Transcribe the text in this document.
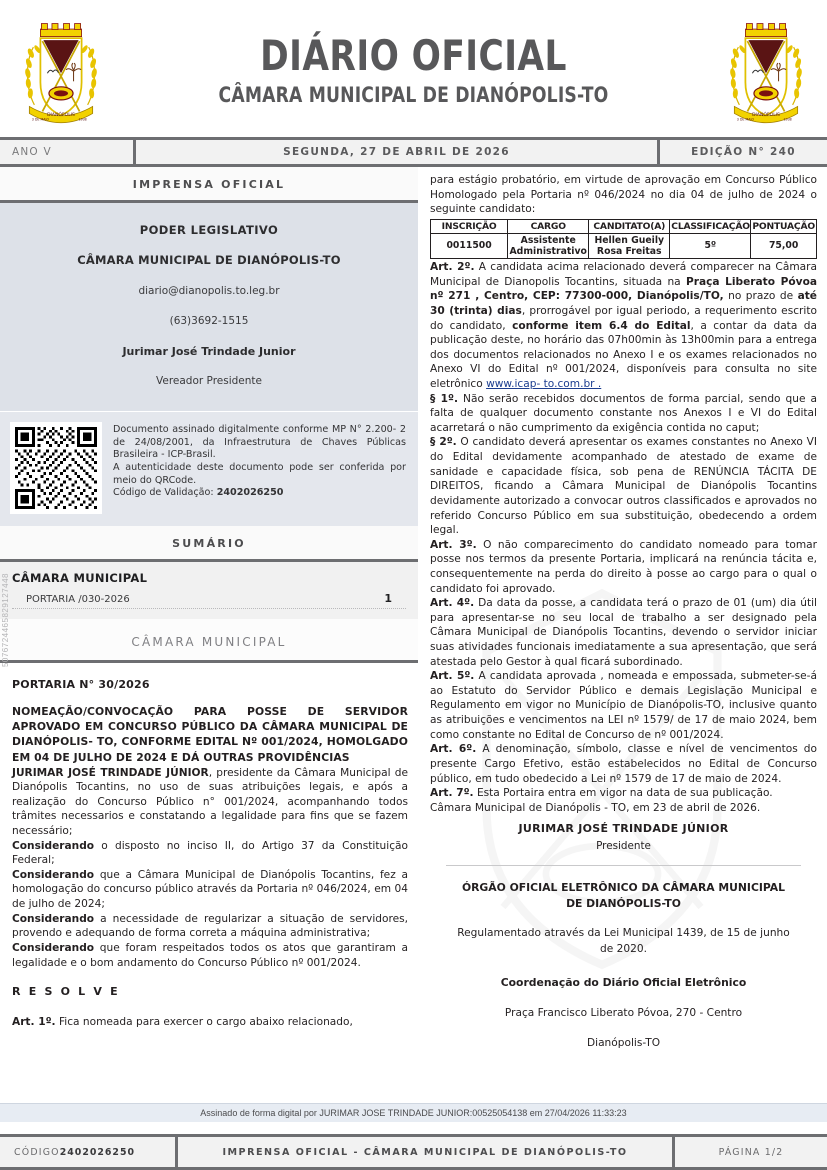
DIANÓPOLIS
3 DE MAIO	1938
DIÁRIO OFICIAL
CÂMARA MUNICIPAL DE DIANÓPOLIS-TO
DIANÓPOLIS
3 DE MAIO	1938
ANO V	SEGUNDA, 27 DE ABRIL DE 2026	EDIÇÃO N° 240
5076724465829127448
IMPRENSA OFICIAL
PODER LEGISLATIVO
CÂMARA MUNICIPAL DE DIANÓPOLIS-TO
diario@dianopolis.to.leg.br
(63)3692-1515
Jurimar José Trindade Junior
Vereador Presidente
Documento assinado digitalmente conforme MP N° 2.200- 2 de 24/08/2001, da Infraestrutura de Chaves Públicas Brasileira - ICP-Brasil.
A autenticidade deste documento pode ser conferida por meio do QRCode.
Código de Validação: 2402026250
SUMÁRIO
CÂMARA MUNICIPAL
PORTARIA /030-2026	1
CÂMARA MUNICIPAL
PORTARIA N° 30/2026
NOMEAÇÃO/CONVOCAÇÃO PARA POSSE DE SERVIDOR APROVADO EM CONCURSO PÚBLICO DA CÂMARA MUNICIPAL DE DIANÓPOLIS- TO, CONFORME EDITAL Nº 001/2024, HOMOLGADO EM 04 DE JULHO DE 2024 E DÁ OUTRAS PROVIDÊNCIAS

JURIMAR JOSÉ TRINDADE JÚNIOR, presidente da Câmara Municipal de Dianópolis Tocantins, no uso de suas atribuições legais, e após a realização do Concurso Público n° 001/2024, acompanhando todos trâmites necessarios e constatando a legalidade para fins que se fazem necessário;

Considerando o disposto no inciso II, do Artigo 37 da Constituição Federal;

Considerando que a Câmara Municipal de Dianópolis Tocantins, fez a homologação do concurso público através da Portaria nº 046/2024, em 04 de julho de 2024;

Considerando a necessidade de regularizar a situação de servidores, provendo e adequando de forma correta a máquina administrativa;

Considerando que foram respeitados todos os atos que garantiram a legalidade e o bom andamento do Concurso Público nº 001/2024.

R E S O L V E

Art. 1º. Fica nomeada para exercer o cargo abaixo relacionado,

para estágio probatório, em virtude de aprovação em Concurso Público Homologado pela Portaria nº 046/2024 no dia 04 de julho de 2024 o seguinte candidato:

INSCRIÇÃO	CARGO	CANDITATO(A)	CLASSIFICAÇÃO	PONTUAÇÃO
0011500	Assistente Administrativo	Hellen Gueily Rosa Freitas	5º	75,00

Art. 2º. A candidata acima relacionado deverá comparecer na Câmara Municipal de Dianopolis Tocantins, situada na Praça Liberato Póvoa nº 271 , Centro, CEP: 77300-000, Dianópolis/TO, no prazo de até 30 (trinta) dias, prorrogável por igual periodo, a requerimento escrito do candidato, conforme item 6.4 do Edital, a contar da data da publicação deste, no horário das 07h00min às 13h00min para a entrega dos documentos relacionados no Anexo I e os exames relacionados no Anexo VI do Edital nº 001/2024, disponíveis para consulta no site eletrônico www.icap- to.com.br .

§ 1º. Não serão recebidos documentos de forma parcial, sendo que a falta de qualquer documento constante nos Anexos I e VI do Edital acarretará o não cumprimento da exigência contida no caput;

§ 2º. O candidato deverá apresentar os exames constantes no Anexo VI do Edital devidamente acompanhado de atestado de exame de sanidade e capacidade física, sob pena de RENÚNCIA TÁCITA DE DIREITOS, ficando a Câmara Municipal de Dianópolis Tocantins devidamente autorizado a convocar outros classificados e aprovados no referido Concurso Público em sua substituição, obedecendo a ordem legal.

Art. 3º. O não comparecimento do candidato nomeado para tomar posse nos termos da presente Portaria, implicará na renúncia tácita e, consequentemente na perda do direito à posse ao cargo para o qual o candidato foi aprovado.

Art. 4º. Da data da posse, a candidata terá o prazo de 01 (um) dia útil para apresentar-se no seu local de trabalho a ser designado pela Câmara Municipal de Dianópolis Tocantins, devendo o servidor iniciar suas atividades funcionais imediatamente a sua apresentação, que será atestada pelo Gestor à qual ficará subordinado.

Art. 5º. A candidata aprovada , nomeada e empossada, submeter-se-á ao Estatuto do Servidor Público e demais Legislação Municipal e Regulamento em vigor no Município de Dianópolis-TO, inclusive quanto as atribuições e vencimentos na LEI nº 1579/ de 17 de maio 2024, bem como constante no Edital de Concurso de nº 001/2024.

Art. 6º. A denominação, símbolo, classe e nível de vencimentos do presente Cargo Efetivo, estão estabelecidos no Edital de Concurso público, em tudo obedecido a Lei nº 1579 de 17 de maio de 2024.

Art. 7º. Esta Portaira entra em vigor na data de sua publicação.

Câmara Municipal de Dianópolis - TO, em 23 de abril de 2026.

JURIMAR JOSÉ TRINDADE JÚNIOR
Presidente
ÓRGÃO OFICIAL ELETRÔNICO DA CÂMARA MUNICIPAL DE DIANÓPOLIS-TO
Regulamentado através da Lei Municipal 1439, de 15 de junho de 2020.
Coordenação do Diário Oficial Eletrônico
Praça Francisco Liberato Póvoa, 270 - Centro
Dianópolis-TO
Assinado de forma digital por JURIMAR JOSE TRINDADE JUNIOR:00525054138 em 27/04/2026 11:33:23
CÓDIGO 2402026250	IMPRENSA OFICIAL - CÂMARA MUNICIPAL DE DIANÓPOLIS-TO	PÁGINA 1/2
